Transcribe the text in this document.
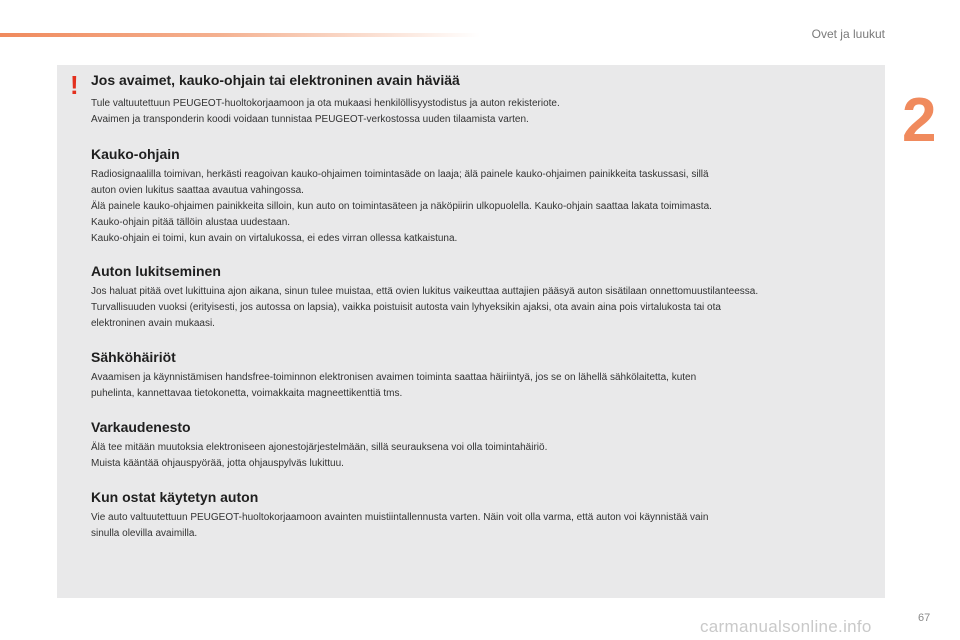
Ovet ja luukut
2
! Jos avaimet, kauko-ohjain tai elektroninen avain häviää

Tule valtuutettuun PEUGEOT-huoltokorjaamoon ja ota mukaasi henkilöllisyystodistus ja auton rekisteriote.

Avaimen ja transponderin koodi voidaan tunnistaa PEUGEOT-verkostossa uuden tilaamista varten.

Kauko-ohjain

Radiosignaalilla toimivan, herkästi reagoivan kauko-ohjaimen toimintasäde on laaja; älä painele kauko-ohjaimen painikkeita taskussasi, sillä

auton ovien lukitus saattaa avautua vahingossa.

Älä painele kauko-ohjaimen painikkeita silloin, kun auto on toimintasäteen ja näköpiirin ulkopuolella. Kauko-ohjain saattaa lakata toimimasta.

Kauko-ohjain pitää tällöin alustaa uudestaan.

Kauko-ohjain ei toimi, kun avain on virtalukossa, ei edes virran ollessa katkaistuna.

Auton lukitseminen

Jos haluat pitää ovet lukittuina ajon aikana, sinun tulee muistaa, että ovien lukitus vaikeuttaa auttajien pääsyä auton sisätilaan onnettomuustilanteessa.

Turvallisuuden vuoksi (erityisesti, jos autossa on lapsia), vaikka poistuisit autosta vain lyhyeksikin ajaksi, ota avain aina pois virtalukosta tai ota

elektroninen avain mukaasi.

Sähköhäiriöt

Avaamisen ja käynnistämisen handsfree-toiminnon elektronisen avaimen toiminta saattaa häiriintyä, jos se on lähellä sähkölaitetta, kuten

puhelinta, kannettavaa tietokonetta, voimakkaita magneettikenttiä tms.

Varkaudenesto

Älä tee mitään muutoksia elektroniseen ajonestojärjestelmään, sillä seurauksena voi olla toimintahäiriö.

Muista kääntää ohjauspyörää, jotta ohjauspylväs lukittuu.

Kun ostat käytetyn auton

Vie auto valtuutettuun PEUGEOT-huoltokorjaamoon avainten muistiintallennusta varten. Näin voit olla varma, että auton voi käynnistää vain

sinulla olevilla avaimilla.

carmanualsonline.info	67
